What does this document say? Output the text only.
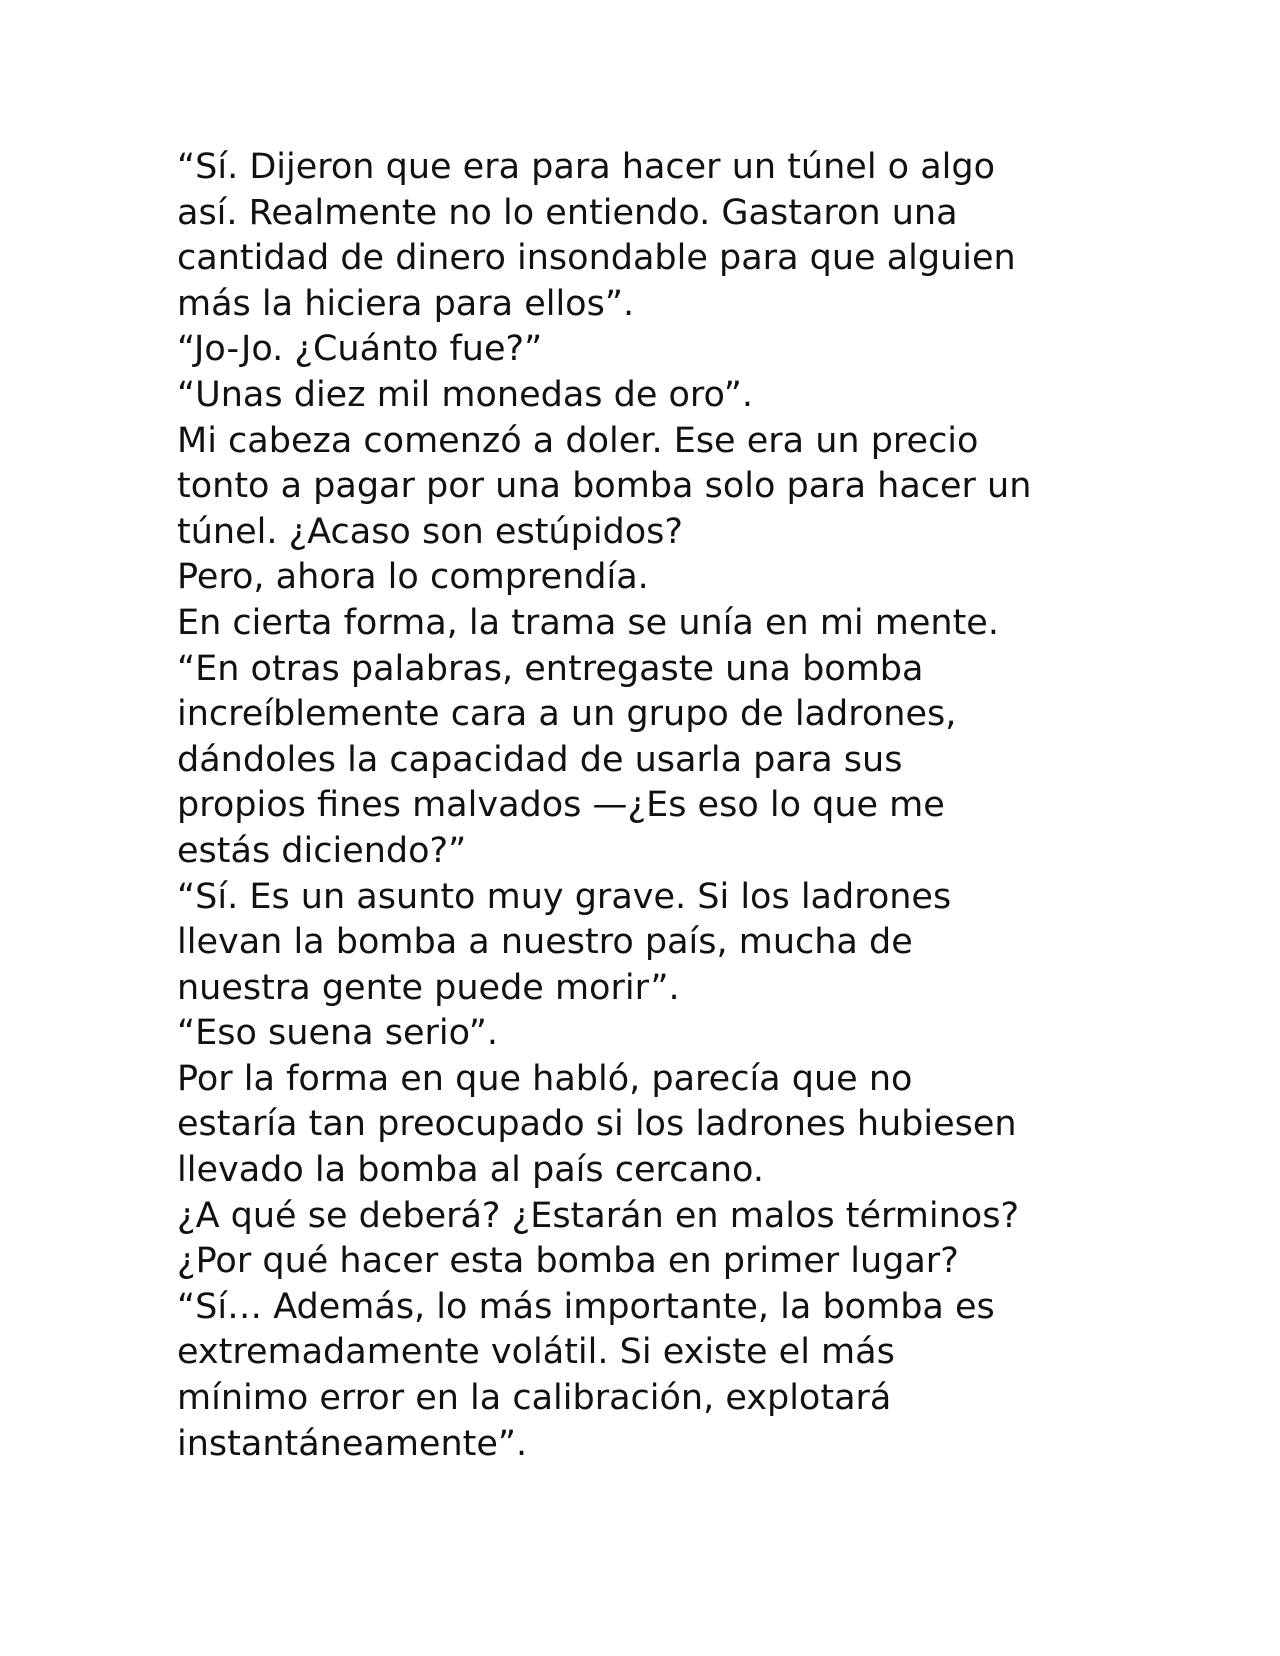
“Sí. Dijeron que era para hacer un túnel o algo
así. Realmente no lo entiendo. Gastaron una
cantidad de dinero insondable para que alguien
más la hiciera para ellos”.
“Jo-Jo. ¿Cuánto fue?”
“Unas diez mil monedas de oro”.
Mi cabeza comenzó a doler. Ese era un precio
tonto a pagar por una bomba solo para hacer un
túnel. ¿Acaso son estúpidos?
Pero, ahora lo comprendía.
En cierta forma, la trama se unía en mi mente.
“En otras palabras, entregaste una bomba
increíblemente cara a un grupo de ladrones,
dándoles la capacidad de usarla para sus
propios fines malvados —¿Es eso lo que me
estás diciendo?”
“Sí. Es un asunto muy grave. Si los ladrones
llevan la bomba a nuestro país, mucha de
nuestra gente puede morir”.
“Eso suena serio”.
Por la forma en que habló, parecía que no
estaría tan preocupado si los ladrones hubiesen
llevado la bomba al país cercano.
¿A qué se deberá? ¿Estarán en malos términos?
¿Por qué hacer esta bomba en primer lugar?
“Sí… Además, lo más importante, la bomba es
extremadamente volátil. Si existe el más
mínimo error en la calibración, explotará
instantáneamente”.
